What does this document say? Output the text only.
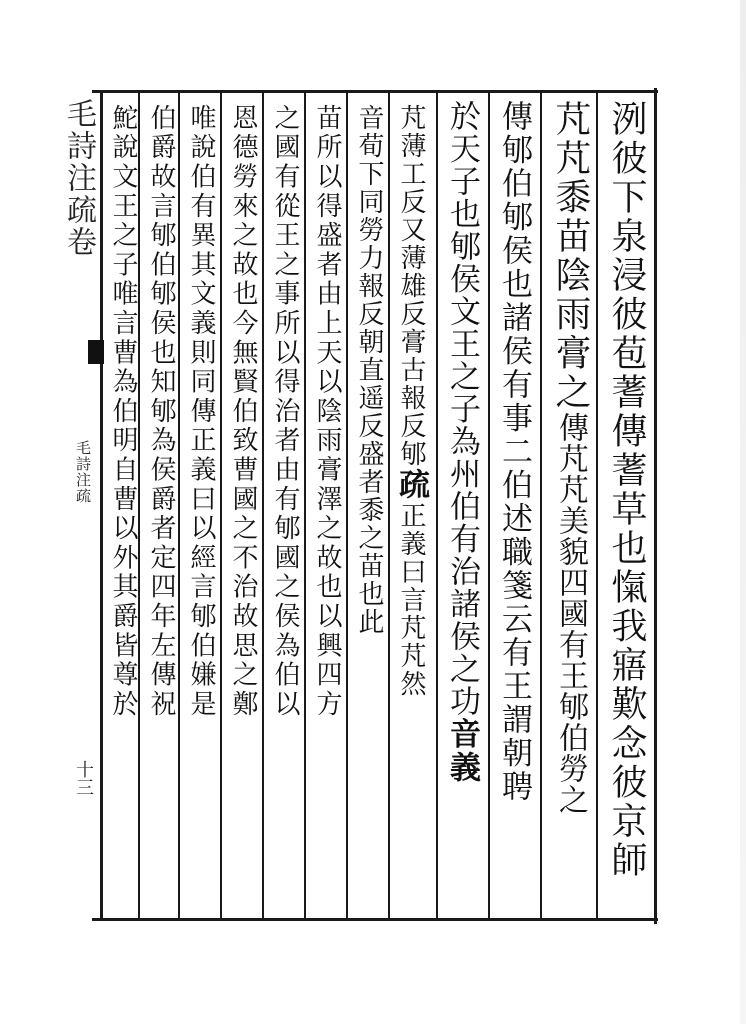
毛詩注疏卷
毛詩注疏
十三	洌彼下泉浸彼苞蓍傳蓍草也愾我寤歎念彼京師
芃芃黍苗陰雨膏之傳芃芃美貌四國有王郇伯勞之
傳郇伯郇侯也諸侯有事二伯述職箋云有王謂朝聘
於天子也郇侯文王之子為州伯有治諸侯之功音義
芃薄工反又薄雄反膏古報反郇疏正義曰言芃芃然
音荀下同勞力報反朝直遥反盛者黍之苗也此
苗所以得盛者由上天以陰雨膏澤之故也以興四方
之國有從王之事所以得治者由有郇國之侯為伯以
恩德勞來之故也今無賢伯致曹國之不治故思之鄭
唯說伯有異其文義則同傳正義曰以經言郇伯嫌是
伯爵故言郇伯郇侯也知郇為侯爵者定四年左傳祝
鮀說文王之子唯言曹為伯明自曹以外其爵皆尊於
